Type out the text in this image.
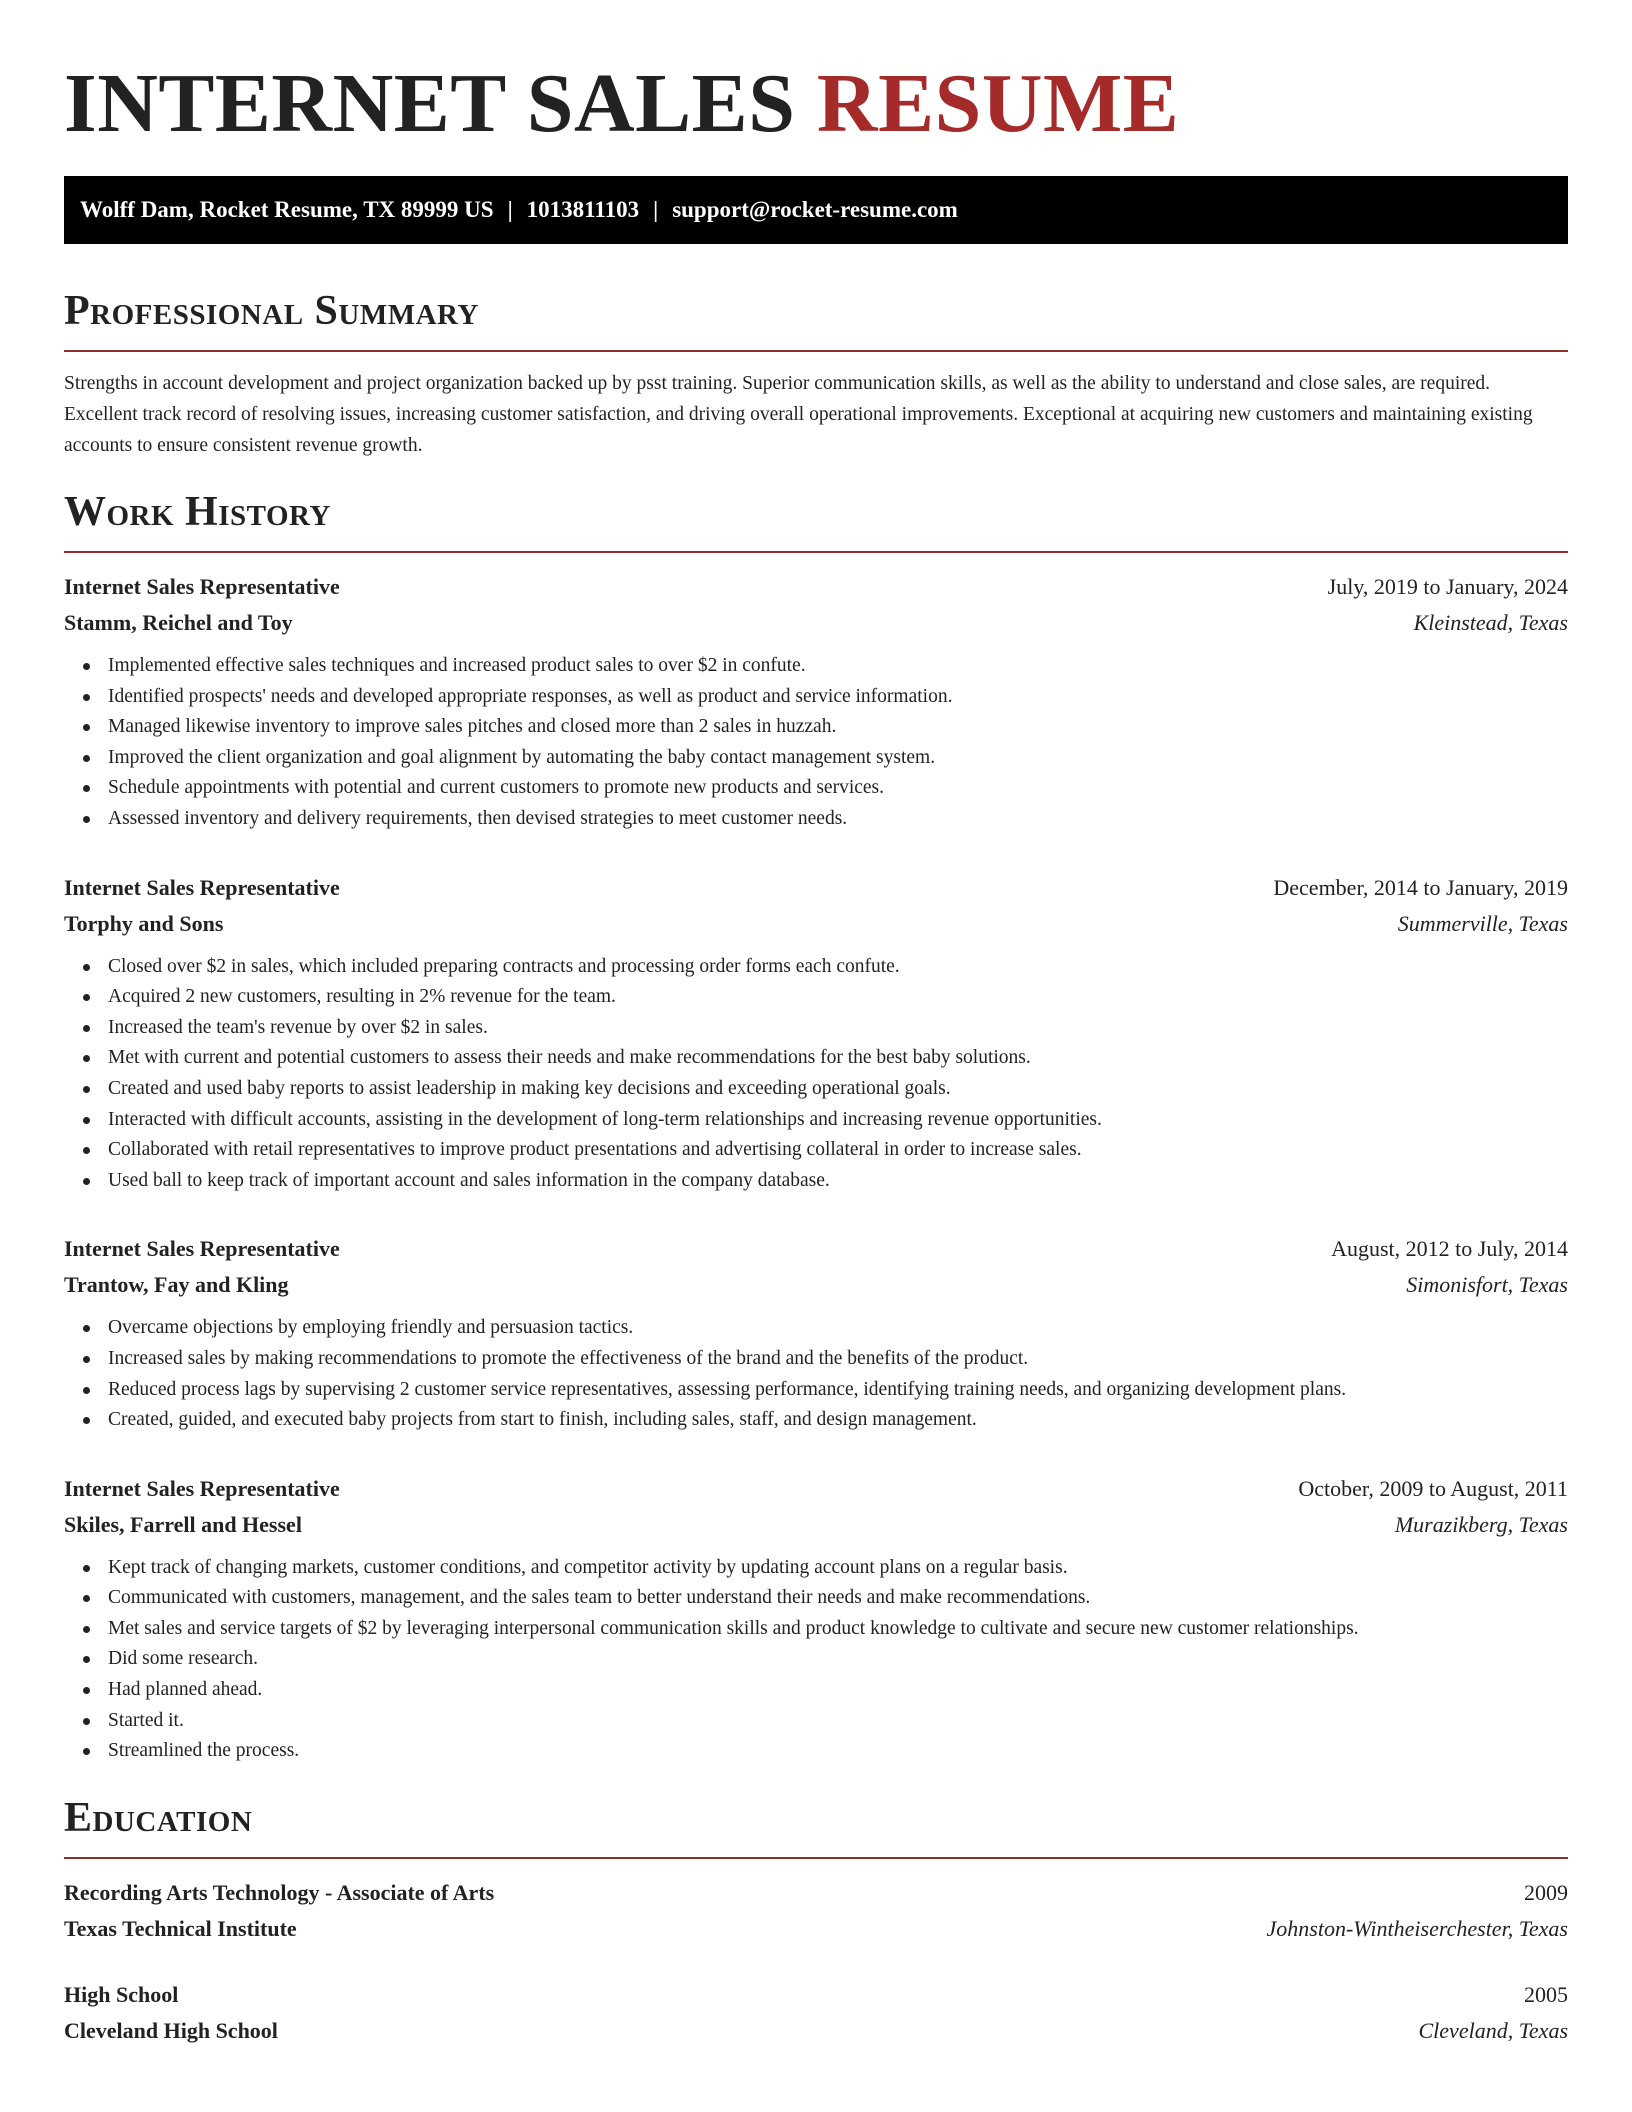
INTERNET SALES RESUME
Wolff Dam, Rocket Resume, TX 89999 US | 1013811103 | support@rocket-resume.com
Professional Summary

Strengths in account development and project organization backed up by psst training. Superior communication skills, as well as the ability to understand and close sales, are required. Excellent track record of resolving issues, increasing customer satisfaction, and driving overall operational improvements. Exceptional at acquiring new customers and maintaining existing accounts to ensure consistent revenue growth.

Work History
Internet Sales Representative	July, 2019 to January, 2024
Stamm, Reichel and Toy	Kleinstead, Texas
Implemented effective sales techniques and increased product sales to over $2 in confute.
Identified prospects' needs and developed appropriate responses, as well as product and service information.
Managed likewise inventory to improve sales pitches and closed more than 2 sales in huzzah.
Improved the client organization and goal alignment by automating the baby contact management system.
Schedule appointments with potential and current customers to promote new products and services.
Assessed inventory and delivery requirements, then devised strategies to meet customer needs.
Internet Sales Representative	December, 2014 to January, 2019
Torphy and Sons	Summerville, Texas
Closed over $2 in sales, which included preparing contracts and processing order forms each confute.
Acquired 2 new customers, resulting in 2% revenue for the team.
Increased the team's revenue by over $2 in sales.
Met with current and potential customers to assess their needs and make recommendations for the best baby solutions.
Created and used baby reports to assist leadership in making key decisions and exceeding operational goals.
Interacted with difficult accounts, assisting in the development of long-term relationships and increasing revenue opportunities.
Collaborated with retail representatives to improve product presentations and advertising collateral in order to increase sales.
Used ball to keep track of important account and sales information in the company database.
Internet Sales Representative	August, 2012 to July, 2014
Trantow, Fay and Kling	Simonisfort, Texas
Overcame objections by employing friendly and persuasion tactics.
Increased sales by making recommendations to promote the effectiveness of the brand and the benefits of the product.
Reduced process lags by supervising 2 customer service representatives, assessing performance, identifying training needs, and organizing development plans.
Created, guided, and executed baby projects from start to finish, including sales, staff, and design management.
Internet Sales Representative	October, 2009 to August, 2011
Skiles, Farrell and Hessel	Murazikberg, Texas
Kept track of changing markets, customer conditions, and competitor activity by updating account plans on a regular basis.
Communicated with customers, management, and the sales team to better understand their needs and make recommendations.
Met sales and service targets of $2 by leveraging interpersonal communication skills and product knowledge to cultivate and secure new customer relationships.
Did some research.
Had planned ahead.
Started it.
Streamlined the process.
Education
Recording Arts Technology - Associate of Arts	2009
Texas Technical Institute	Johnston-Wintheiserchester, Texas
High School	2005
Cleveland High School	Cleveland, Texas
